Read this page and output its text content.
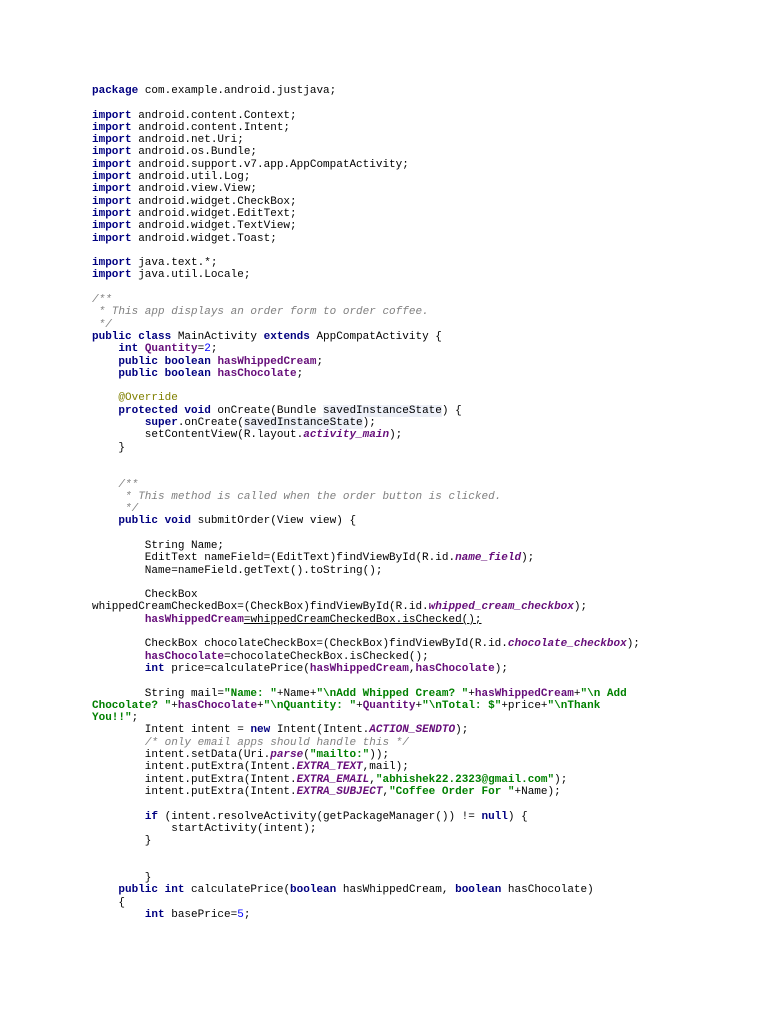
package com.example.android.justjava;
import android.content.Context;
import android.content.Intent;
import android.net.Uri;
import android.os.Bundle;
import android.support.v7.app.AppCompatActivity;
import android.util.Log;
import android.view.View;
import android.widget.CheckBox;
import android.widget.EditText;
import android.widget.TextView;
import android.widget.Toast;
import java.text.*;
import java.util.Locale;
/**
* This app displays an order form to order coffee.
*/
public class MainActivity extends AppCompatActivity {
int Quantity=2;
public boolean hasWhippedCream;
public boolean hasChocolate;
@Override
protected void onCreate(Bundle savedInstanceState) {
super.onCreate(savedInstanceState);
setContentView(R.layout.activity_main);
}
/**
* This method is called when the order button is clicked.
*/
public void submitOrder(View view) {
String Name;
EditText nameField=(EditText)findViewById(R.id.name_field);
Name=nameField.getText().toString();
CheckBox
whippedCreamCheckedBox=(CheckBox)findViewById(R.id.whipped_cream_checkbox);
hasWhippedCream=whippedCreamCheckedBox.isChecked();
CheckBox chocolateCheckBox=(CheckBox)findViewById(R.id.chocolate_checkbox);
hasChocolate=chocolateCheckBox.isChecked();
int price=calculatePrice(hasWhippedCream,hasChocolate);
String mail="Name: "+Name+"\nAdd Whipped Cream? "+hasWhippedCream+"\n Add
Chocolate? "+hasChocolate+"\nQuantity: "+Quantity+"\nTotal: $"+price+"\nThank
You!!";
Intent intent = new Intent(Intent.ACTION_SENDTO);
/* only email apps should handle this */
intent.setData(Uri.parse("mailto:"));
intent.putExtra(Intent.EXTRA_TEXT,mail);
intent.putExtra(Intent.EXTRA_EMAIL,"abhishek22.2323@gmail.com");
intent.putExtra(Intent.EXTRA_SUBJECT,"Coffee Order For "+Name);
if (intent.resolveActivity(getPackageManager()) != null) {
startActivity(intent);
}
}
public int calculatePrice(boolean hasWhippedCream, boolean hasChocolate)
{
int basePrice=5;
